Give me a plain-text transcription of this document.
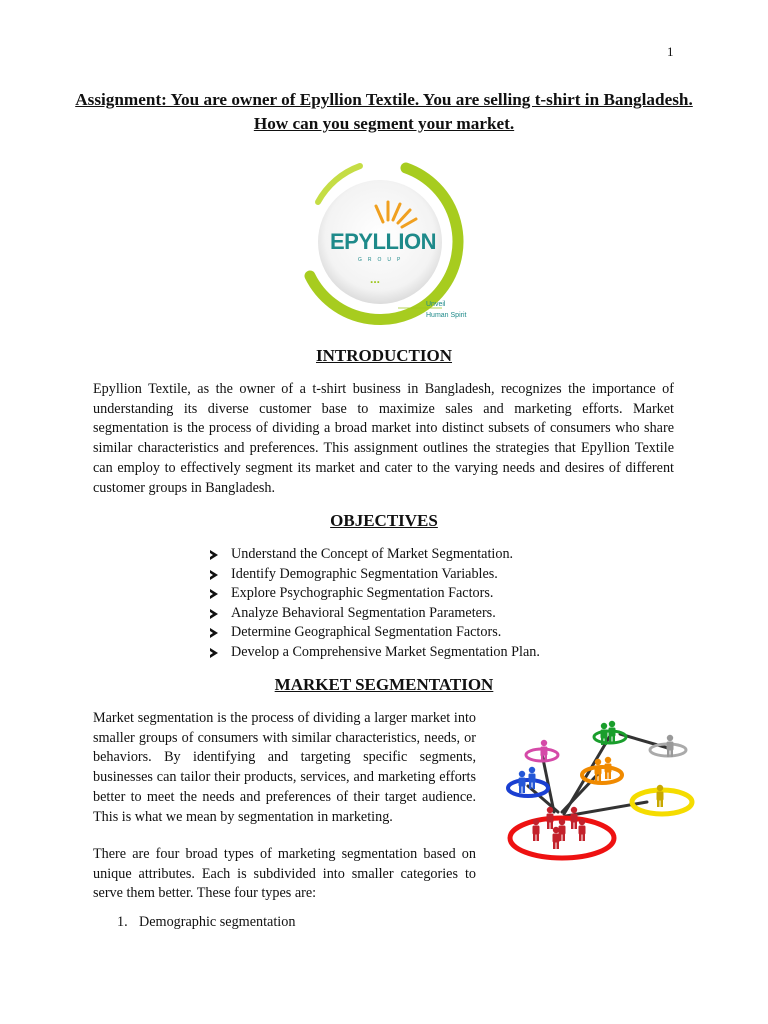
1
Assignment: You are owner of Epyllion Textile. You are selling t-shirt in Bangladesh. How can you segment your market.
EPYLLION
GROUP
...
Unveil
Human Spirit
INTRODUCTION

Epyllion Textile, as the owner of a t-shirt business in Bangladesh, recognizes the importance of understanding its diverse customer base to maximize sales and marketing efforts. Market segmentation is the process of dividing a broad market into distinct subsets of consumers who share similar characteristics and preferences. This assignment outlines the strategies that Epyllion Textile can employ to effectively segment its market and cater to the varying needs and desires of different customer groups in Bangladesh.

OBJECTIVES
Understand the Concept of Market Segmentation.
Identify Demographic Segmentation Variables.
Explore Psychographic Segmentation Factors.
Analyze Behavioral Segmentation Parameters.
Determine Geographical Segmentation Factors.
Develop a Comprehensive Market Segmentation Plan.
MARKET SEGMENTATION

Market segmentation is the process of dividing a larger market into smaller groups of consumers with similar characteristics, needs, or behaviors. By identifying and targeting specific segments, businesses can tailor their products, services, and marketing efforts better to meet the needs and preferences of their target audience. This is what we mean by segmentation in marketing.

There are four broad types of marketing segmentation based on unique attributes. Each is subdivided into smaller categories to serve them better. These four types are:

1. Demographic segmentation
